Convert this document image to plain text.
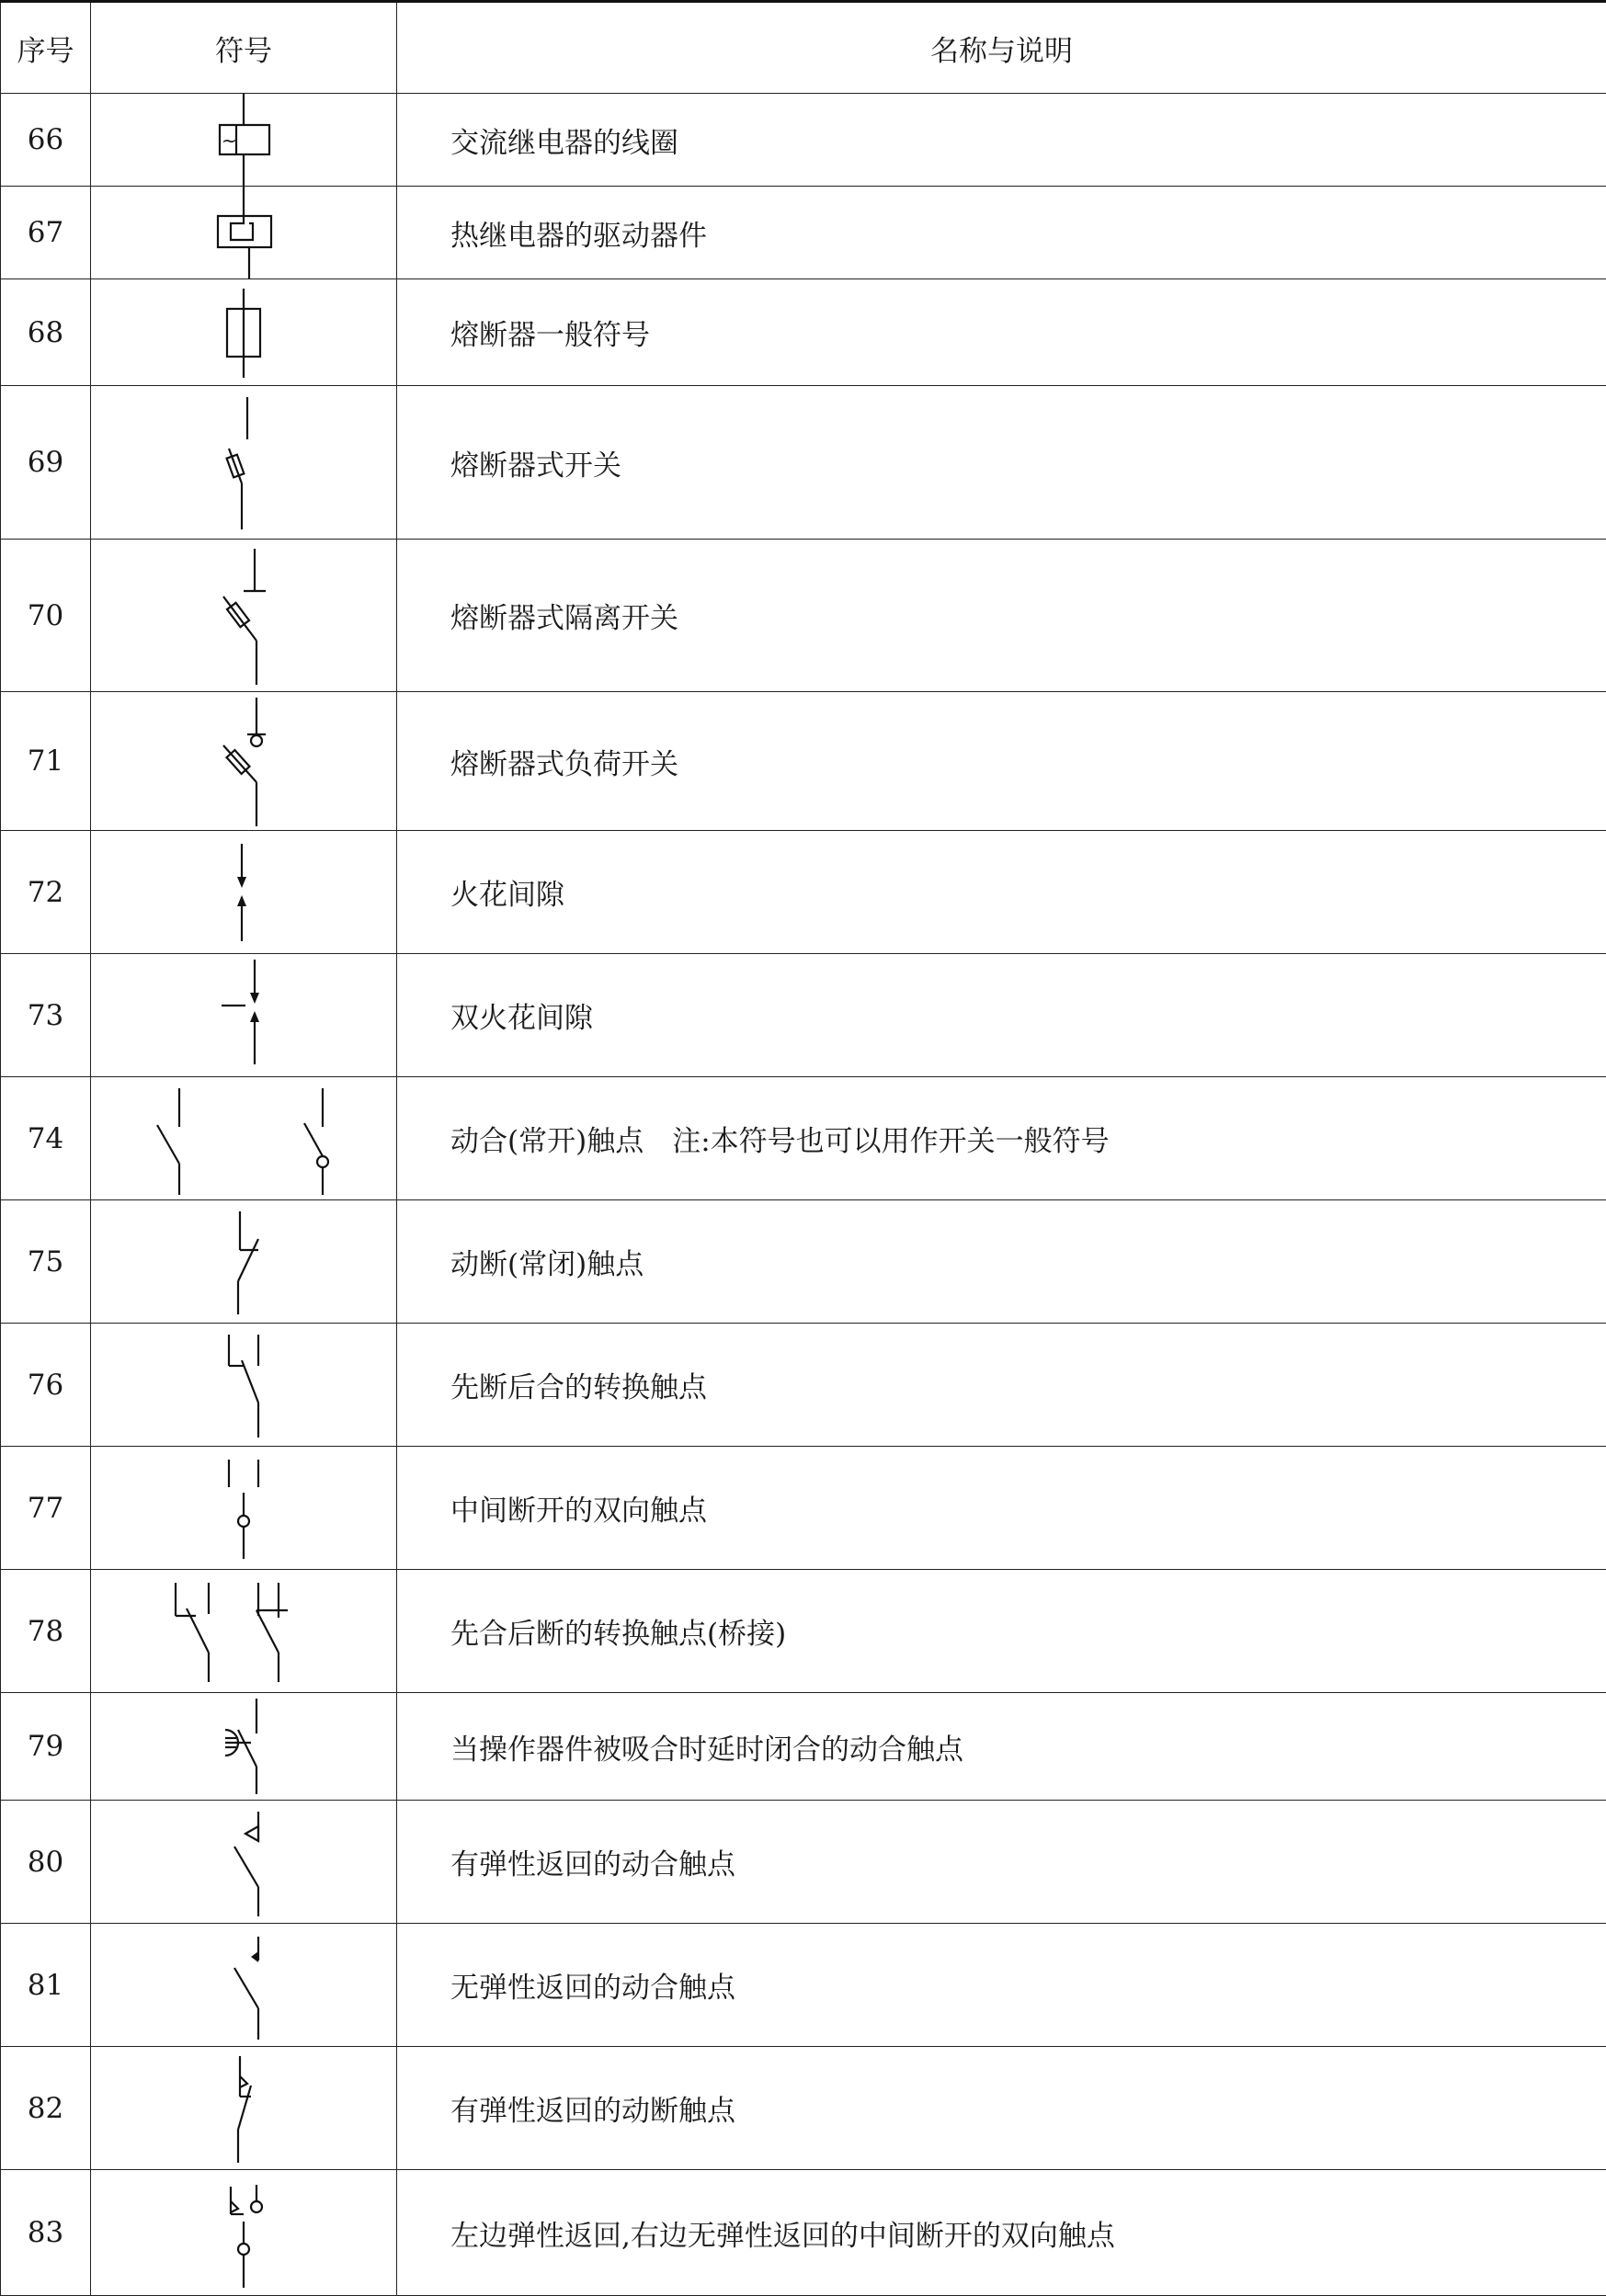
序号	符号	名称与说明
66	~	交流继电器的线圈
67		热继电器的驱动器件
68		熔断器一般符号
69		熔断器式开关
70		熔断器式隔离开关
71		熔断器式负荷开关
72		火花间隙
73		双火花间隙
74		动合(常开)触点　注:本符号也可以用作开关一般符号
75		动断(常闭)触点
76		先断后合的转换触点
77		中间断开的双向触点
78		先合后断的转换触点(桥接)
79		当操作器件被吸合时延时闭合的动合触点
80		有弹性返回的动合触点
81		无弹性返回的动合触点
82		有弹性返回的动断触点
83		左边弹性返回,右边无弹性返回的中间断开的双向触点
